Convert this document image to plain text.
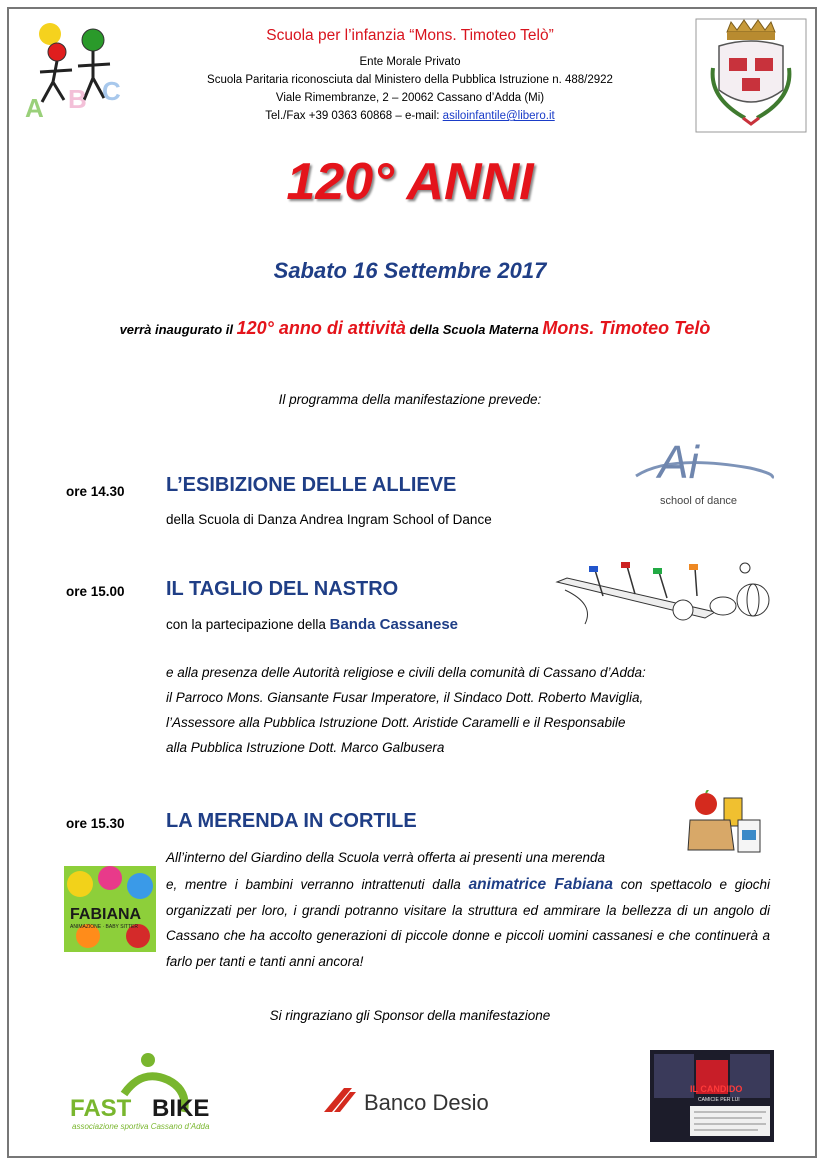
A B C
Scuola per l’infanzia “Mons. Timoteo Telò”
Ente Morale Privato
Scuola Paritaria riconosciuta dal Ministero della Pubblica Istruzione n. 488/2922
Viale Rimembranze, 2 – 20062 Cassano d’Adda (Mi)
Tel./Fax +39 0363 60868 – e-mail: asiloinfantile@libero.it
120° ANNI
Sabato 16 Settembre 2017
verrà inaugurato il 120° anno di attività della Scuola Materna Mons. Timoteo Telò
Il programma della manifestazione prevede:
ore 14.30 L’ESIBIZIONE DELLE ALLIEVE
della Scuola di Danza Andrea Ingram School of Dance
Ai
school of dance
ore 15.00 IL TAGLIO DEL NASTRO
con la partecipazione della Banda Cassanese
e alla presenza delle Autorità religiose e civili della comunità di Cassano d’Adda:
il Parroco Mons. Giansante Fusar Imperatore, il Sindaco Dott. Roberto Maviglia,
l’Assessore alla Pubblica Istruzione Dott. Aristide Caramelli e il Responsabile
alla Pubblica Istruzione Dott. Marco Galbusera
ore 15.30 LA MERENDA IN CORTILE
All’interno del Giardino della Scuola verrà offerta ai presenti una merenda
FABIANA
ANIMAZIONE · BABY SITTER
e, mentre i bambini verranno intrattenuti dalla animatrice Fabiana con spettacolo e giochi organizzati per loro, i grandi potranno visitare la struttura ed ammirare la bellezza di un angolo di Cassano che ha accolto generazioni di piccole donne e piccoli uomini cassanesi e che continuerà a farlo per tanti e tanti anni ancora!
Si ringraziano gli Sponsor della manifestazione
FAST BIKE
associazione sportiva Cassano d’Adda
Banco Desio
IL CANDIDO
CAMICIE PER LUI
